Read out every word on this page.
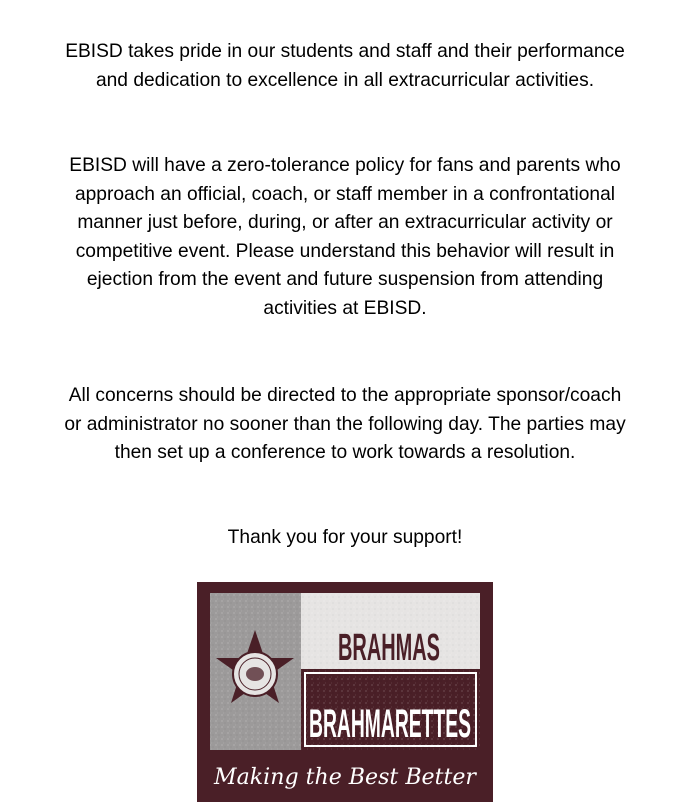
EBISD takes pride in our students and staff and their performance and dedication to excellence in all extracurricular activities.

EBISD will have a zero-tolerance policy for fans and parents who approach an official, coach, or staff member in a confrontational manner just before, during, or after an extracurricular activity or competitive event. Please understand this behavior will result in ejection from the event and future suspension from attending activities at EBISD.

All concerns should be directed to the appropriate sponsor/coach or administrator no sooner than the following day. The parties may then set up a conference to work towards a resolution.

Thank you for your support!

BRAHMAS
BRAHMARETTES
Making the Best Better
